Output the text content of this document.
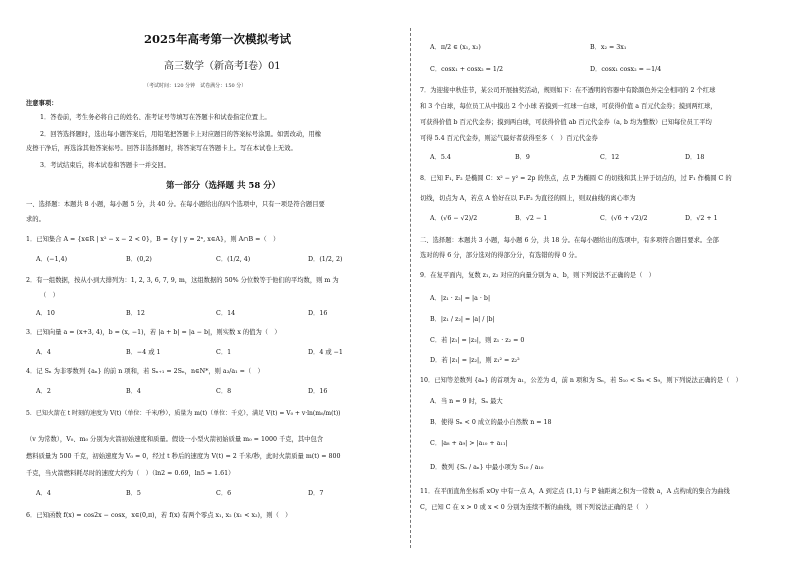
2025年高考第一次模拟考试
高三数学（新高考Ⅰ卷）01
（考试时间：120 分钟　试卷满分：150 分）
注意事项：
1．答卷前，考生务必将自己的姓名、准考证号等填写在答题卡和试卷指定位置上。
2．回答选择题时，选出每小题答案后，用铅笔把答题卡上对应题目的答案标号涂黑。如需改动，用橡
皮擦干净后，再选涂其他答案标号。回答非选择题时，将答案写在答题卡上。写在本试卷上无效。
3．考试结束后，将本试卷和答题卡一并交回。
第一部分（选择题 共 58 分）
一、选择题：本题共 8 小题，每小题 5 分，共 40 分。在每小题给出的四个选项中，只有一项是符合题目要
求的。
1．已知集合 A = {x∈R | x² − x − 2 < 0}，B = {y | y = 2ˣ, x∈A}，则 A∩B =（　）
A．(−1,4)	B．(0,2)	C．(1/2, 4)	D．(1/2, 2)
2．有一组数据，按从小到大排列为：1, 2, 3, 6, 7, 9, m，这组数据的 50% 分位数等于他们的平均数，则 m 为
（　）
A．10	B．12	C．14	D．16
3．已知向量 a = (x+3, 4)，b = (x, −1)，若 |a + b| = |a − b|，则实数 x 的值为（　）
A．4	B．−4 或 1	C．1	D．4 或 −1
4．记 Sₙ 为非零数列 {aₙ} 的前 n 项和，若 Sₙ₊₁ = 2Sₙ，n∈N*，则 a₃/a₁ =（　）
A．2	B．4	C．8	D．16
5．已知火箭在 t 时刻的速度为 V(t)（单位：千米/秒），质量为 m(t)（单位：千克），满足 V(t) = V₀ + v·ln(m₀/m(t))
（v 为常数），V₀、m₀ 分别为火箭初始速度和质量。假设一小型火箭初始质量 m₀ = 1000 千克，其中包含
燃料质量为 500 千克，初始速度为 V₀ = 0，经过 t 秒后的速度为 V(t) = 2 千米/秒，此时火箭质量 m(t) = 800
千克，当火箭燃料耗尽时的速度大约为（　）（ln2 ≈ 0.69，ln5 ≈ 1.61）
A．4	B．5	C．6	D．7
6．已知函数 f(x) = cos2x − cosx，x∈(0,π)，若 f(x) 有两个零点 x₁, x₂ (x₁ < x₂)，则（　）
A．π/2 ∈ (x₁, x₂)	B．x₂ = 3x₁
C．cosx₁ + cosx₂ = 1/2	D．cosx₁ cosx₂ = −1/4
7．为迎接中秋佳节，某公司开展抽奖活动，规则如下：在不透明的容器中有除颜色外完全相同的 2 个红球
和 3 个白球，每位员工从中摸出 2 个小球 若摸到一红球一白球，可获得价值 a 百元代金券；摸到两红球，
可获得价值 b 百元代金券；摸到两白球，可获得价值 ab 百元代金券（a, b 均为整数）已知每位员工平均
可得 5.4 百元代金券，则运气最好者获得至多（　）百元代金券
A．5.4	B．9	C．12	D．18
8．已知 F₁, F₂ 是椭圆 C：x² − y² = 2p 的焦点，点 P 为椭圆 C 的切线和其上异于切点的，过 F₁ 作椭圆 C 的
切线，切点为 A，若点 A 恰好在以 F₁F₂ 为直径的圆上，则双曲线的离心率为
A．(√6 − √2)/2	B．√2 − 1	C．(√6 + √2)/2	D．√2 + 1
二、选择题：本题共 3 小题，每小题 6 分，共 18 分。在每小题给出的选项中，有多项符合题目要求。全部
选对的得 6 分，部分选对的得部分分，有选错的得 0 分。
9．在复平面内，复数 z₁, z₂ 对应的向量分别为 a、b，则下列说法不正确的是（　）
A．|z₁ · z₂| = |a · b|
B．|z₁ / z₂| = |a| / |b|
C．若 |z₁| = |z₂|，则 z₁ · z₂ = 0
D．若 |z₁| = |z₂|，则 z₁² = z₂²
10．已知等差数列 {aₙ} 的首项为 a₁，公差为 d，前 n 项和为 Sₙ，若 S₁₀ < S₈ < S₉，则下列说法正确的是（　）
A．当 n = 9 时，Sₙ 最大
B．使得 Sₙ < 0 成立的最小自然数 n = 18
C．|a₈ + a₉| > |a₁₀ + a₁₁|
D．数列 {Sₙ / aₙ} 中最小项为 S₁₀ / a₁₀
11．在平面直角坐标系 xOy 中有一点 A，A 到定点 (1,1) 与 P 轴距离之积为一常数 a，A 点构成的集合为曲线
C，已知 C 在 x > 0 或 x < 0 分别为连续不断的曲线，则下列说法正确的是（　）
